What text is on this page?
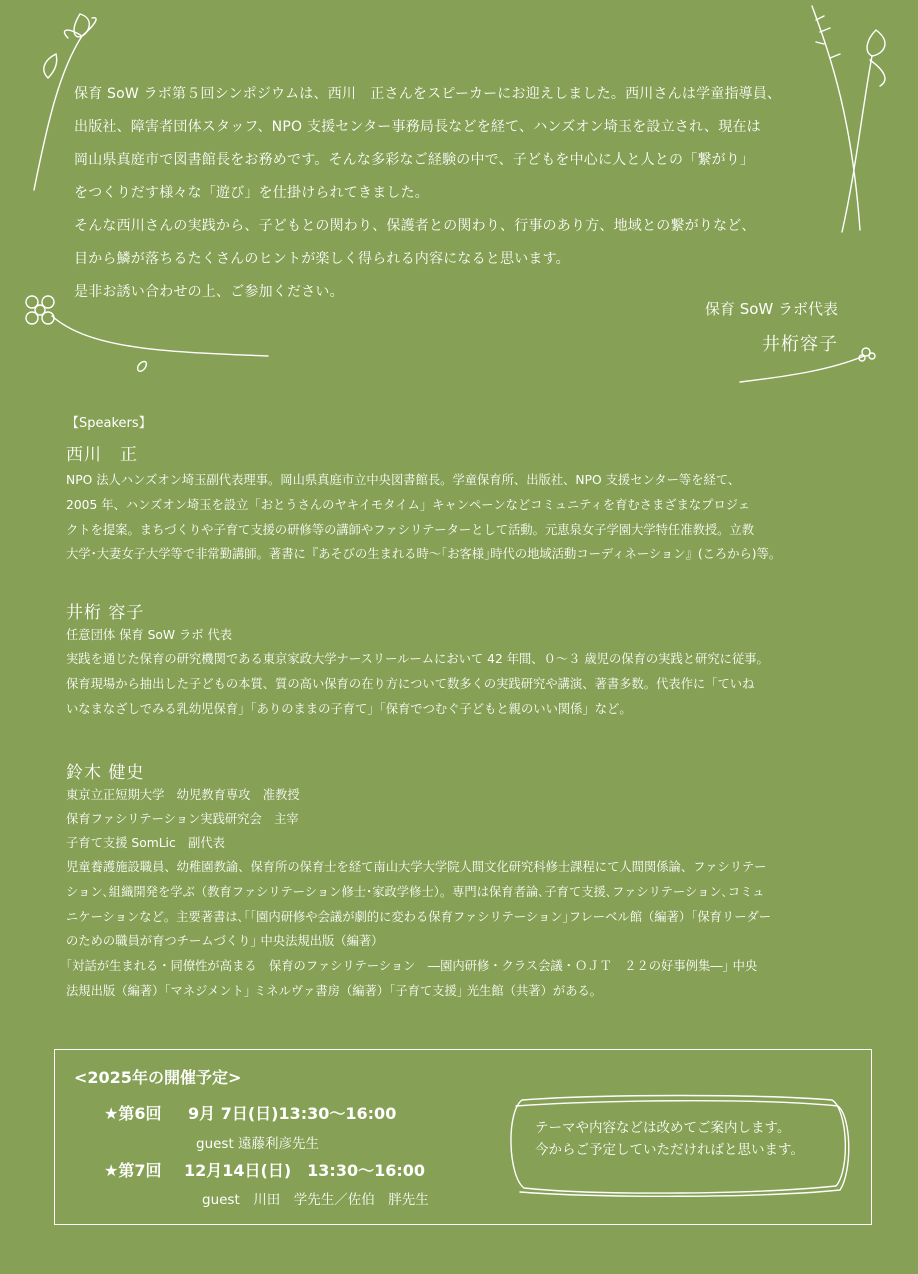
保育 SoW ラボ第５回シンポジウムは、西川　正さんをスピーカーにお迎えしました。西川さんは学童指導員、
出版社、障害者団体スタッフ、NPO 支援センター事務局長などを経て、ハンズオン埼玉を設立され、現在は
岡山県真庭市で図書館長をお務めです。そんな多彩なご経験の中で、子どもを中心に人と人との「繋がり」
をつくりだす様々な「遊び」を仕掛けられてきました。
そんな西川さんの実践から、子どもとの関わり、保護者との関わり、行事のあり方、地域との繋がりなど、
目から鱗が落ちるたくさんのヒントが楽しく得られる内容になると思います。
是非お誘い合わせの上、ご参加ください。
保育 SoW ラボ代表
井桁容子
【Speakers】
西川　正
NPO 法人ハンズオン埼玉副代表理事。岡山県真庭市立中央図書館長。学童保育所、出版社、NPO 支援センター等を経て、
2005 年、ハンズオン埼玉を設立「おとうさんのヤキイモタイム」キャンペーンなどコミュニティを育むさまざまなプロジェ
クトを提案。まちづくりや子育て支援の研修等の講師やファシリテーターとして活動。元恵泉女子学園大学特任准教授。立教
大学･大妻女子大学等で非常勤講師。著書に『あそびの生まれる時～｢お客様｣時代の地域活動コーディネーション』(ころから)等。
井桁 容子
任意団体 保育 SoW ラボ 代表
実践を通じた保育の研究機関である東京家政大学ナースリールームにおいて 42 年間、０～３ 歳児の保育の実践と研究に従事。
保育現場から抽出した子どもの本質、質の高い保育の在り方について数多くの実践研究や講演、著書多数。代表作に「ていね
いなまなざしでみる乳幼児保育」「ありのままの子育て」「保育でつむぐ子どもと親のいい関係」など。
鈴木 健史
東京立正短期大学　幼児教育専攻　准教授
保育ファシリテーション実践研究会　主宰
子育て支援 SomLic　副代表
児童養護施設職員、幼稚園教諭、保育所の保育士を経て南山大学大学院人間文化研究科修士課程にて人間関係論、ファシリテー
ション､組織開発を学ぶ（教育ファシリテーション修士･家政学修士）。専門は保育者論､子育て支援､ファシリテーション､コミュ
ニケーションなど。主要著書は､｢｢園内研修や会議が劇的に変わる保育ファシリテーション｣フレーベル館（編著）｢保育リーダー
のための職員が育つチームづくり｣ 中央法規出版（編著）
｢対話が生まれる・同僚性が高まる　保育のファシリテーション　―園内研修・クラス会議・ＯＪＴ　２２の好事例集―｣ 中央
法規出版（編著）｢マネジメント｣ ミネルヴァ書房（編著）｢子育て支援｣ 光生館（共著）がある。
<2025年の開催予定>
★第6回 9月 7日(日)13:30～16:00
guest 遠藤利彦先生
★第7回 12月14日(日)　13:30～16:00
guest　川田　学先生／佐伯　胖先生
テーマや内容などは改めてご案内します。
今からご予定していただければと思います。
